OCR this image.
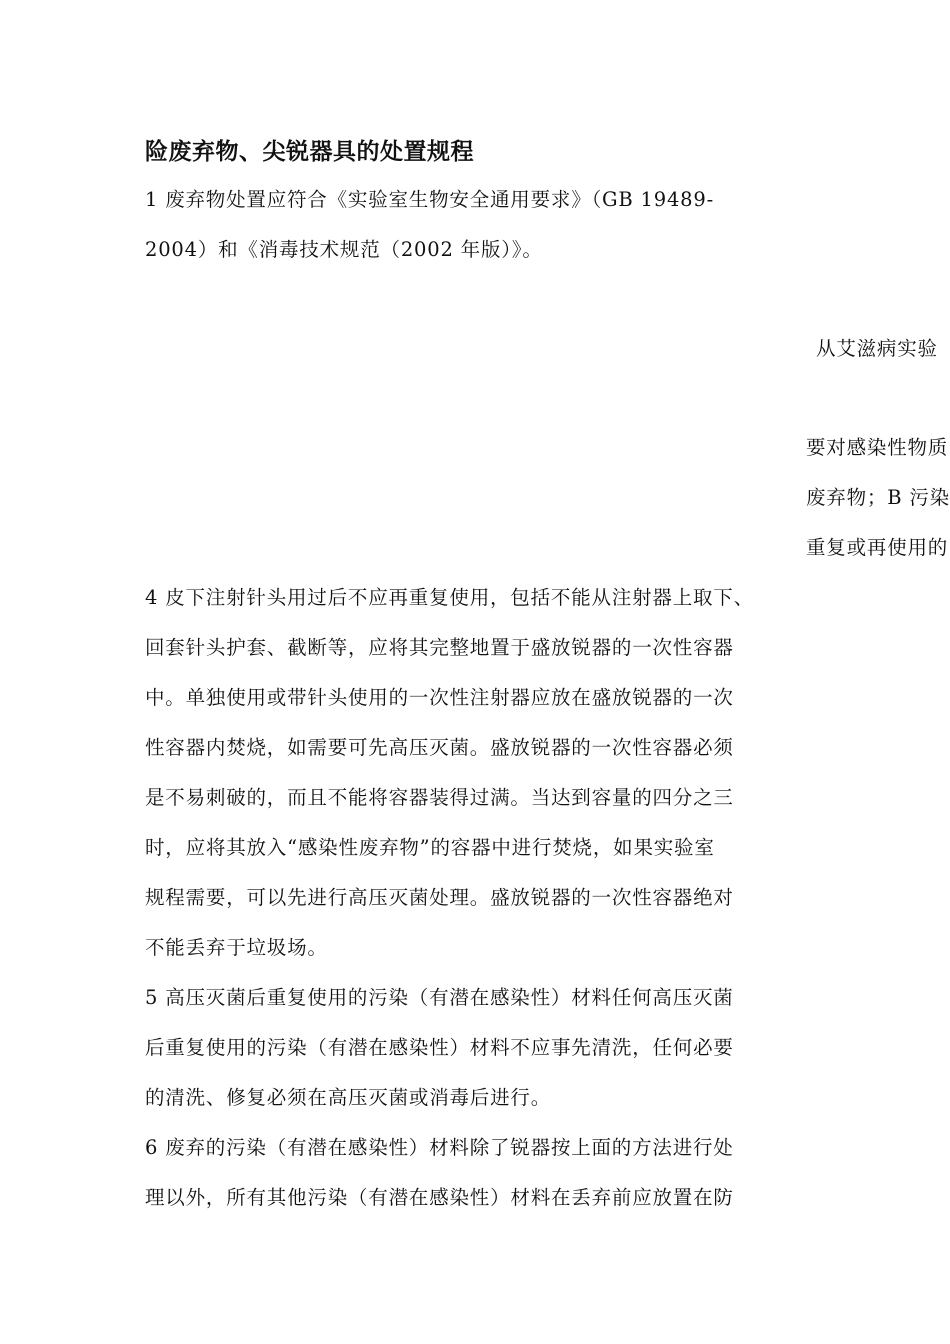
险废弃物、尖锐器具的处置规程
1 废弃物处置应符合《实验室生物安全通用要求》（GB 19489-
2004）和《消毒技术规范（2002 年版）》。
从艾滋病实验
要对感染性物质
废弃物；B 污染
重复或再使用的
4 皮下注射针头用过后不应再重复使用，包括不能从注射器上取下、
回套针头护套、截断等，应将其完整地置于盛放锐器的一次性容器
中。单独使用或带针头使用的一次性注射器应放在盛放锐器的一次
性容器内焚烧，如需要可先高压灭菌。盛放锐器的一次性容器必须
是不易刺破的，而且不能将容器装得过满。当达到容量的四分之三
时，应将其放入“感染性废弃物”的容器中进行焚烧，如果实验室
规程需要，可以先进行高压灭菌处理。盛放锐器的一次性容器绝对
不能丢弃于垃圾场。
5 高压灭菌后重复使用的污染（有潜在感染性）材料任何高压灭菌
后重复使用的污染（有潜在感染性）材料不应事先清洗，任何必要
的清洗、修复必须在高压灭菌或消毒后进行。
6 废弃的污染（有潜在感染性）材料除了锐器按上面的方法进行处
理以外，所有其他污染（有潜在感染性）材料在丢弃前应放置在防
